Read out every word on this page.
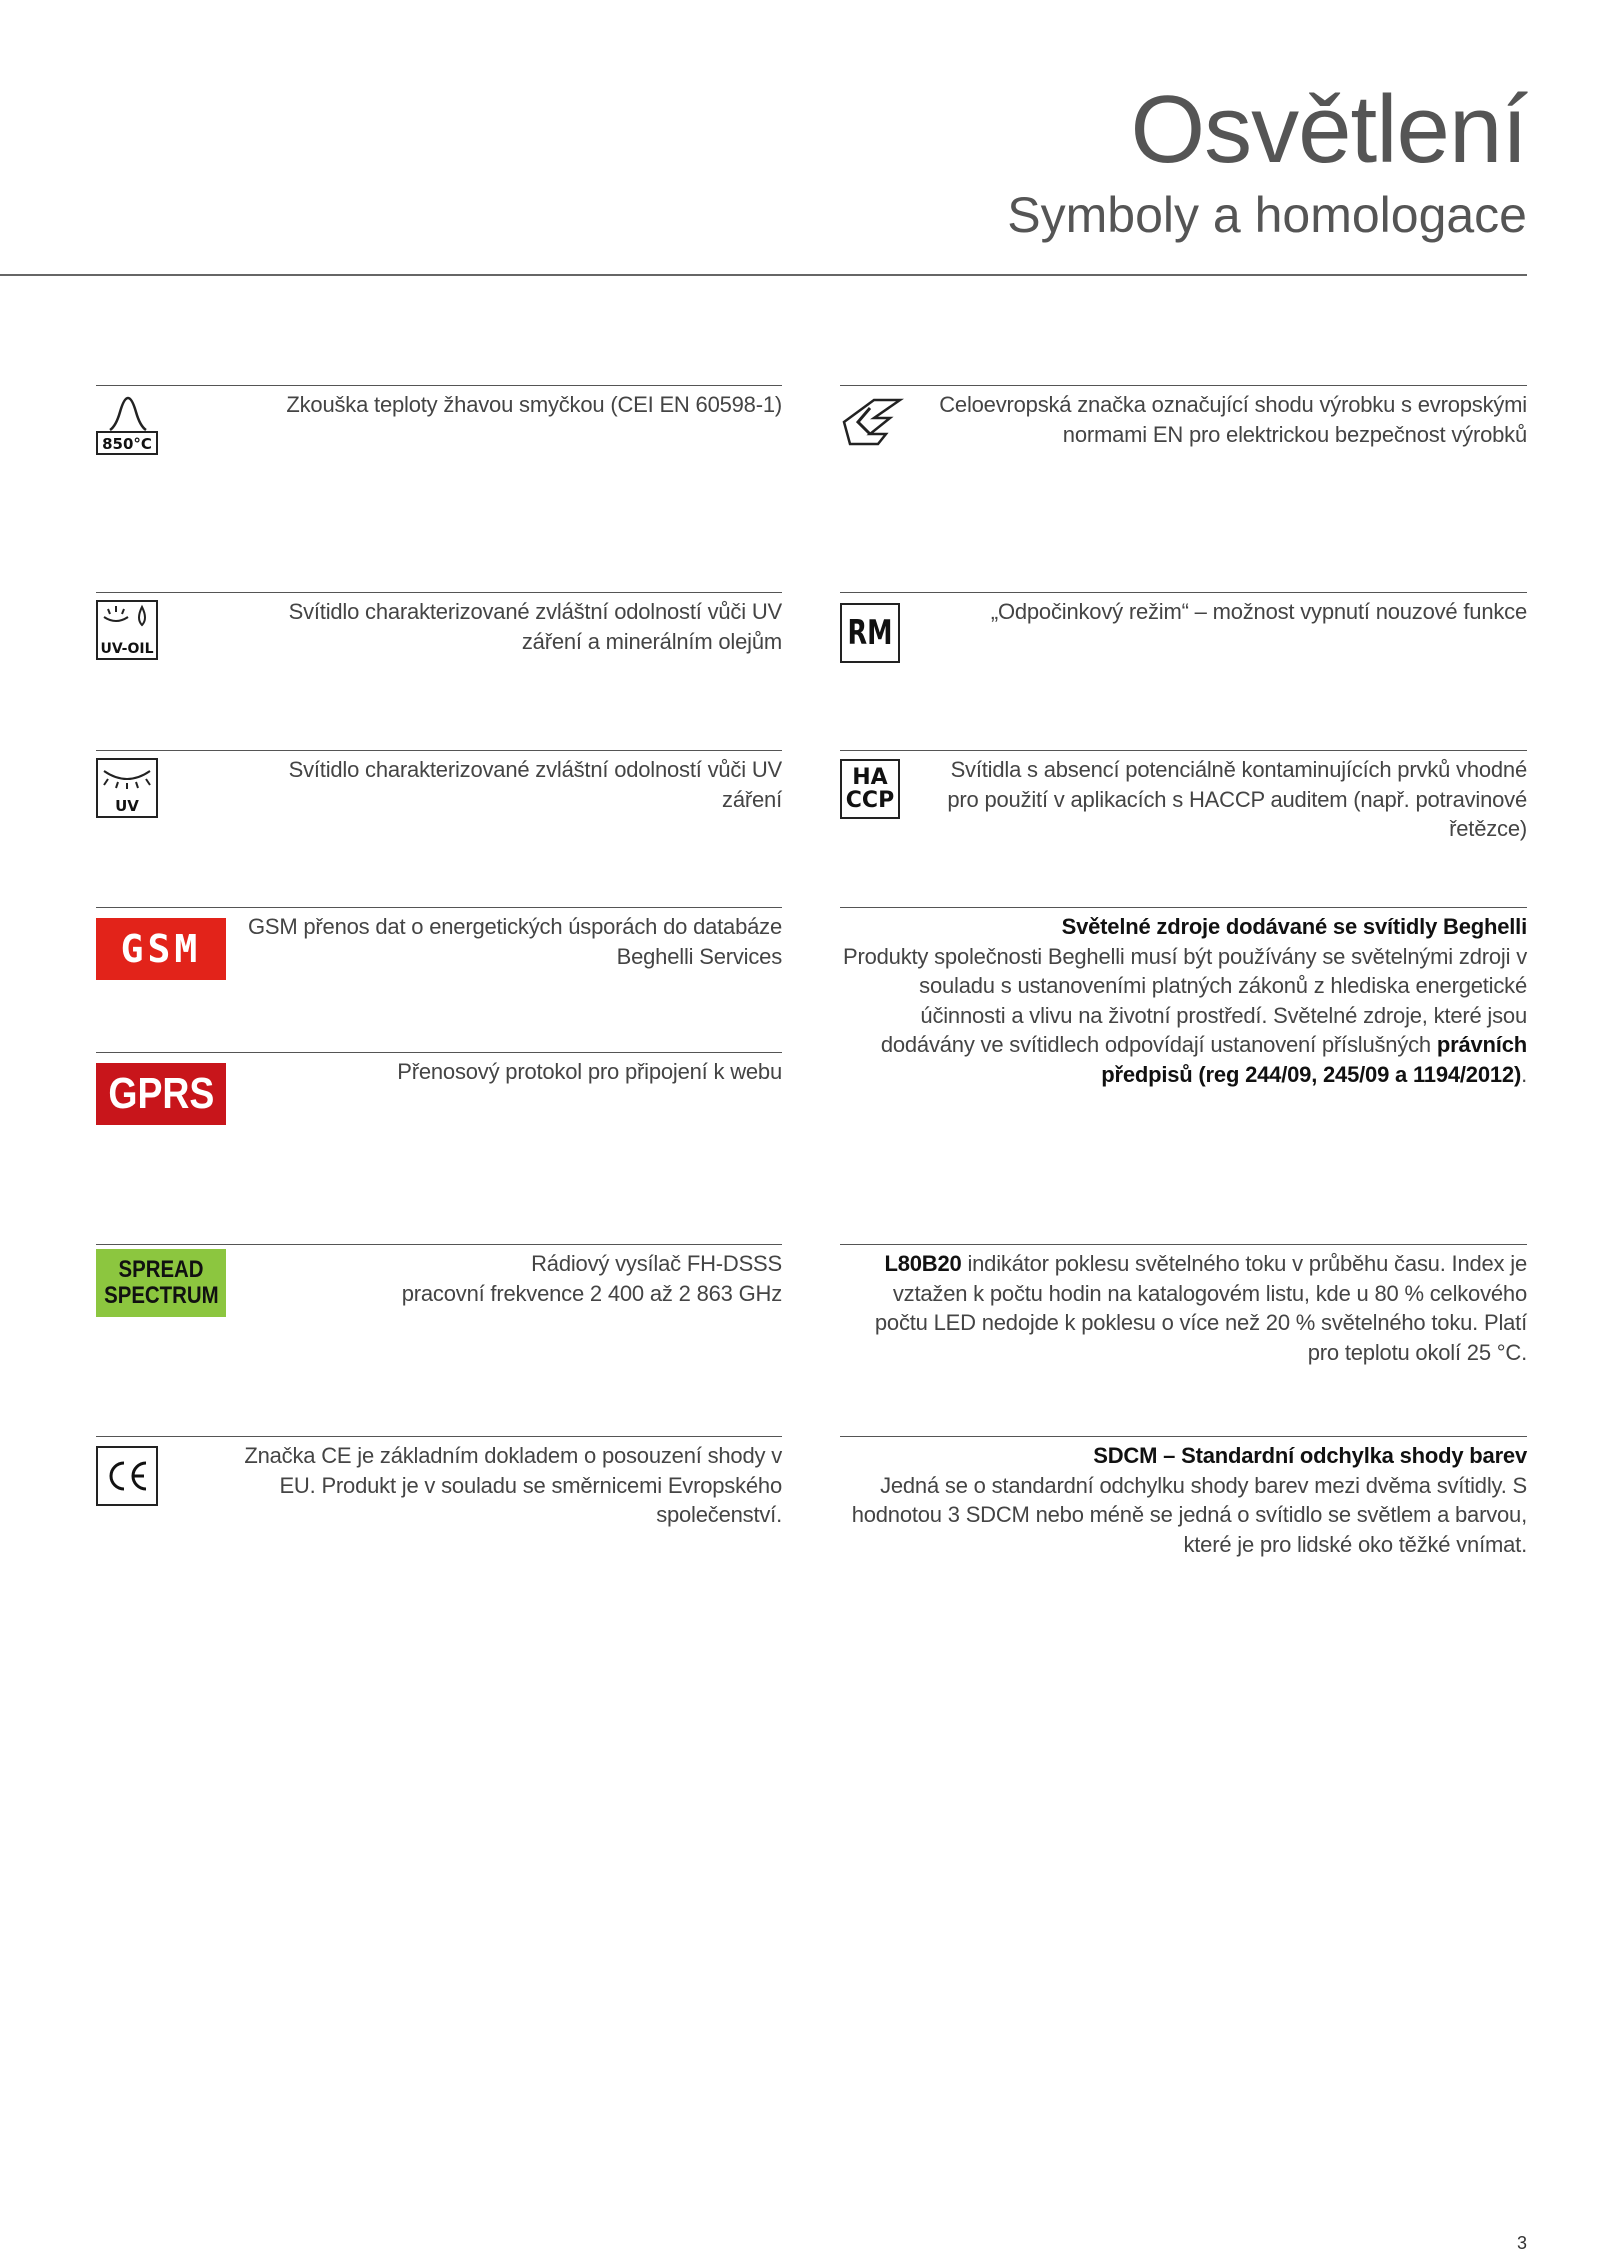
Osvětlení
Symboly a homologace
850°C
Zkouška teploty žhavou smyčkou (CEI EN 60598-1)
UV-OIL
Svítidlo charakterizované zvláštní odolností vůči UV záření a minerálním olejům
UV
Svítidlo charakterizované zvláštní odolností vůči UV záření
GSM
GSM přenos dat o energetických úsporách do databáze Beghelli Services
GPRS	Přenosový protokol pro připojení k webu
SPREAD
SPECTRUM
Rádiový vysílač FH-DSSS
pracovní frekvence 2 400 až 2 863 GHz
Značka CE je základním dokladem o posouzení shody v EU. Produkt je v souladu se směrnicemi Evropského společenství.
Celoevropská značka označující shodu výrobku s evropskými normami EN pro elektrickou bezpečnost výrobků
RM
„Odpočinkový režim“ – možnost vypnutí nouzové funkce
HA
CCP
Svítidla s absencí potenciálně kontaminujících prvků vhodné pro použití v aplikacích s HACCP auditem (např. potravinové řetězce)
Světelné zdroje dodávané se svítidly Beghelli
Produkty společnosti Beghelli musí být používány se světelnými zdroji v souladu s ustanoveními platných zákonů z hlediska energetické účinnosti a vlivu na životní prostředí. Světelné zdroje, které jsou dodávány ve svítidlech odpovídají ustanovení příslušných právních předpisů (reg 244/09, 245/09 a 1194/2012).
L80B20 indikátor poklesu světelného toku v průběhu času. Index je vztažen k počtu hodin na katalogovém listu, kde u 80 % celkového počtu LED nedojde k poklesu o více než 20 % světelného toku. Platí pro teplotu okolí 25 °C.
SDCM – Standardní odchylka shody barev
Jedná se o standardní odchylku shody barev mezi dvěma svítidly. S hodnotou 3 SDCM nebo méně se jedná o svítidlo se světlem a barvou, které je pro lidské oko těžké vnímat.
3
